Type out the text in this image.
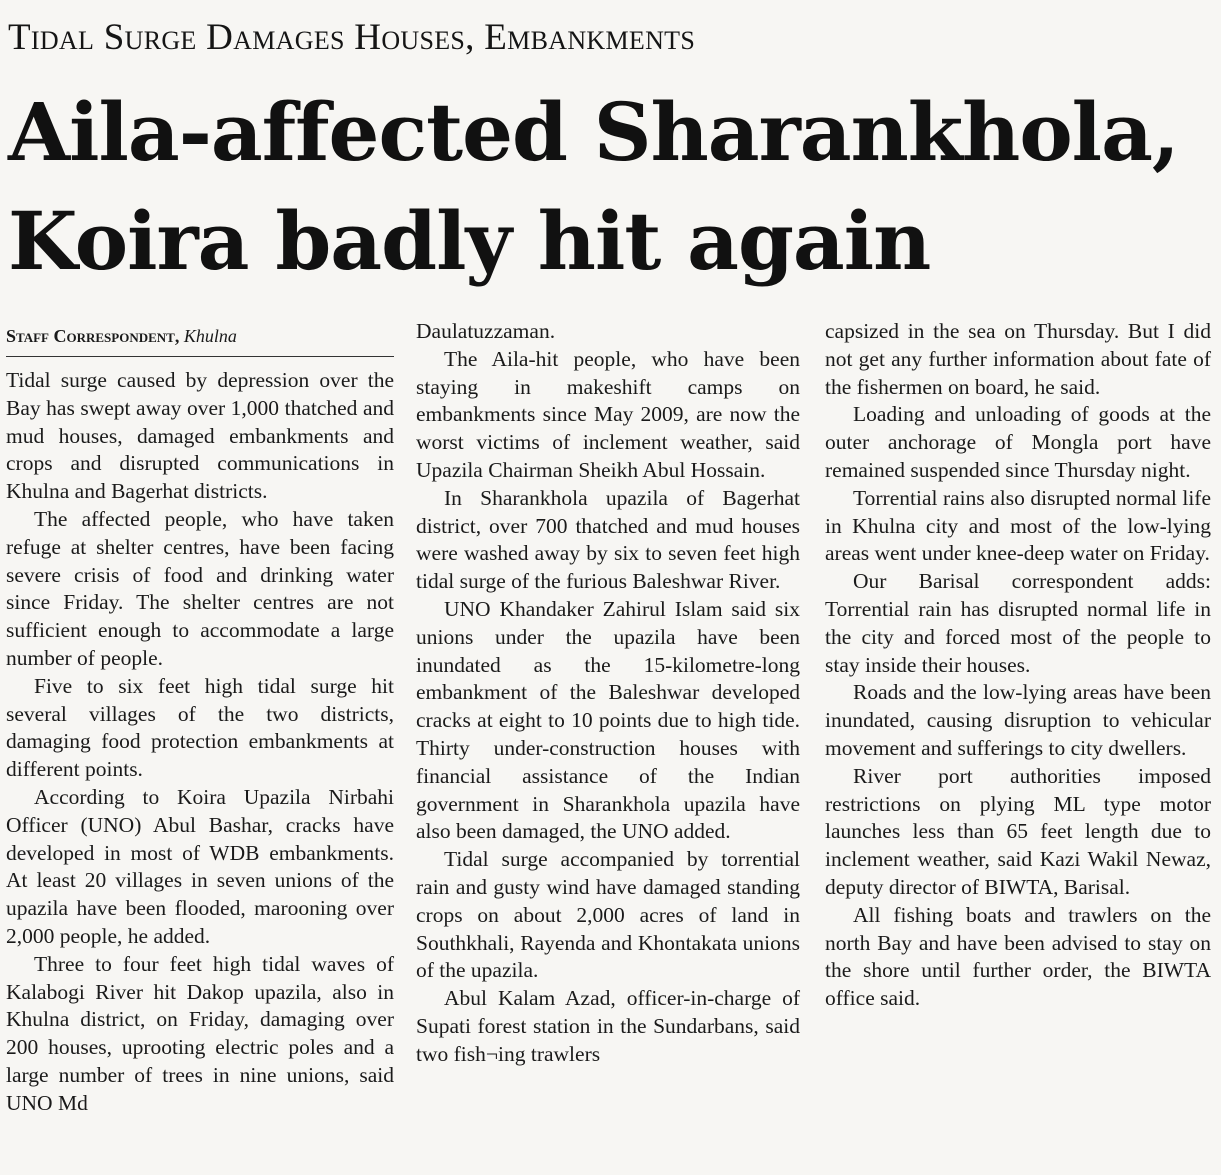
Tidal Surge Damages Houses, Embankments
Aila-affected Sharankhola,
Koira badly hit again
Staff Correspondent, Khulna

Tidal surge caused by depression over the Bay has swept away over 1,000 thatched and mud houses, damaged embankments and crops and disrupted communications in Khulna and Bagerhat districts.

The affected people, who have taken refuge at shelter centres, have been facing severe crisis of food and drinking water since Friday. The shelter centres are not sufficient enough to accommodate a large number of people.

Five to six feet high tidal surge hit several villages of the two districts, damaging food protection embankments at different points.

According to Koira Upazila Nirbahi Officer (UNO) Abul Bashar, cracks have developed in most of WDB embankments. At least 20 villages in seven unions of the upazila have been flooded, marooning over 2,000 people, he added.

Three to four feet high tidal waves of Kalabogi River hit Dakop upazila, also in Khulna district, on Friday, damaging over 200 houses, uprooting electric poles and a large number of trees in nine unions, said UNO Md

Daulatuzzaman.

The Aila-hit people, who have been staying in makeshift camps on embankments since May 2009, are now the worst victims of inclement weather, said Upazila Chairman Sheikh Abul Hossain.

In Sharankhola upazila of Bagerhat district, over 700 thatched and mud houses were washed away by six to seven feet high tidal surge of the furious Baleshwar River.

UNO Khandaker Zahirul Islam said six unions under the upazila have been inundated as the 15-kilometre-long embankment of the Baleshwar developed cracks at eight to 10 points due to high tide. Thirty under-construction houses with financial assistance of the Indian government in Sharankhola upazila have also been damaged, the UNO added.

Tidal surge accompanied by torrential rain and gusty wind have damaged standing crops on about 2,000 acres of land in Southkhali, Rayenda and Khontakata unions of the upazila.

Abul Kalam Azad, officer-in-charge of Supati forest station in the Sundarbans, said two fish¬ing trawlers

capsized in the sea on Thursday. But I did not get any further information about fate of the fishermen on board, he said.

Loading and unloading of goods at the outer anchorage of Mongla port have remained suspended since Thursday night.

Torrential rains also disrupted normal life in Khulna city and most of the low-lying areas went under knee-deep water on Friday.

Our Barisal correspondent adds: Torrential rain has disrupted normal life in the city and forced most of the people to stay inside their houses.

Roads and the low-lying areas have been inundated, causing disruption to vehicular movement and sufferings to city dwellers.

River port authorities imposed restrictions on plying ML type motor launches less than 65 feet length due to inclement weather, said Kazi Wakil Newaz, deputy director of BIWTA, Barisal.

All fishing boats and trawlers on the north Bay and have been advised to stay on the shore until further order, the BIWTA office said.
